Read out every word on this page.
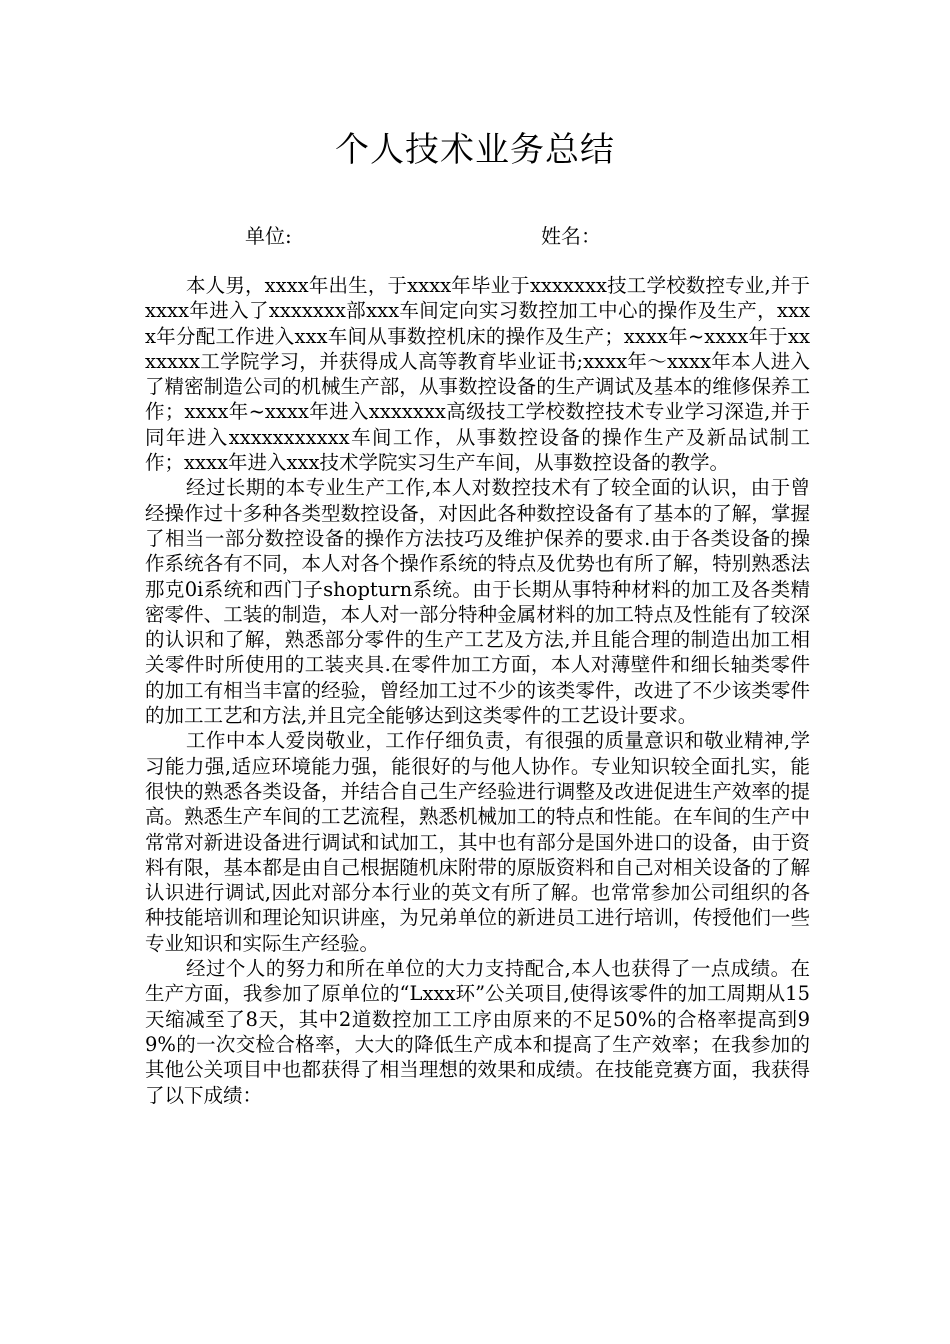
个人技术业务总结
单位:	姓名：

本人男，xxxx年出生，于xxxx年毕业于xxxxxxx技工学校数控专业,并于xxxx年进入了xxxxxxx部xxx车间定向实习数控加工中心的操作及生产，xxxx年分配工作进入xxx车间从事数控机床的操作及生产；xxxx年~xxxx年于xxxxxxx工学院学习，并获得成人高等教育毕业证书;xxxx年～xxxx年本人进入了精密制造公司的机械生产部，从事数控设备的生产调试及基本的维修保养工作；xxxx年~xxxx年进入xxxxxxx高级技工学校数控技术专业学习深造,并于同年进入xxxxxxxxxxx车间工作，从事数控设备的操作生产及新品试制工作；xxxx年进入xxx技术学院实习生产车间，从事数控设备的教学。

经过长期的本专业生产工作,本人对数控技术有了较全面的认识，由于曾经操作过十多种各类型数控设备，对因此各种数控设备有了基本的了解，掌握了相当一部分数控设备的操作方法技巧及维护保养的要求.由于各类设备的操作系统各有不同，本人对各个操作系统的特点及优势也有所了解，特别熟悉法那克0i系统和西门子shopturn系统。由于长期从事特种材料的加工及各类精密零件、工装的制造，本人对一部分特种金属材料的加工特点及性能有了较深的认识和了解，熟悉部分零件的生产工艺及方法,并且能合理的制造出加工相关零件时所使用的工装夹具.在零件加工方面，本人对薄壁件和细长轴类零件的加工有相当丰富的经验，曾经加工过不少的该类零件，改进了不少该类零件的加工工艺和方法,并且完全能够达到这类零件的工艺设计要求。

工作中本人爱岗敬业，工作仔细负责，有很强的质量意识和敬业精神,学习能力强,适应环境能力强，能很好的与他人协作。专业知识较全面扎实，能很快的熟悉各类设备，并结合自己生产经验进行调整及改进促进生产效率的提高。熟悉生产车间的工艺流程，熟悉机械加工的特点和性能。在车间的生产中常常对新进设备进行调试和试加工，其中也有部分是国外进口的设备，由于资料有限，基本都是由自己根据随机床附带的原版资料和自己对相关设备的了解认识进行调试,因此对部分本行业的英文有所了解。也常常参加公司组织的各种技能培训和理论知识讲座，为兄弟单位的新进员工进行培训，传授他们一些专业知识和实际生产经验。

经过个人的努力和所在单位的大力支持配合,本人也获得了一点成绩。在生产方面，我参加了原单位的“Lxxx环”公关项目,使得该零件的加工周期从15天缩减至了8天，其中2道数控加工工序由原来的不足50%的合格率提高到99%的一次交检合格率，大大的降低生产成本和提高了生产效率；在我参加的其他公关项目中也都获得了相当理想的效果和成绩。在技能竞赛方面，我获得了以下成绩：
